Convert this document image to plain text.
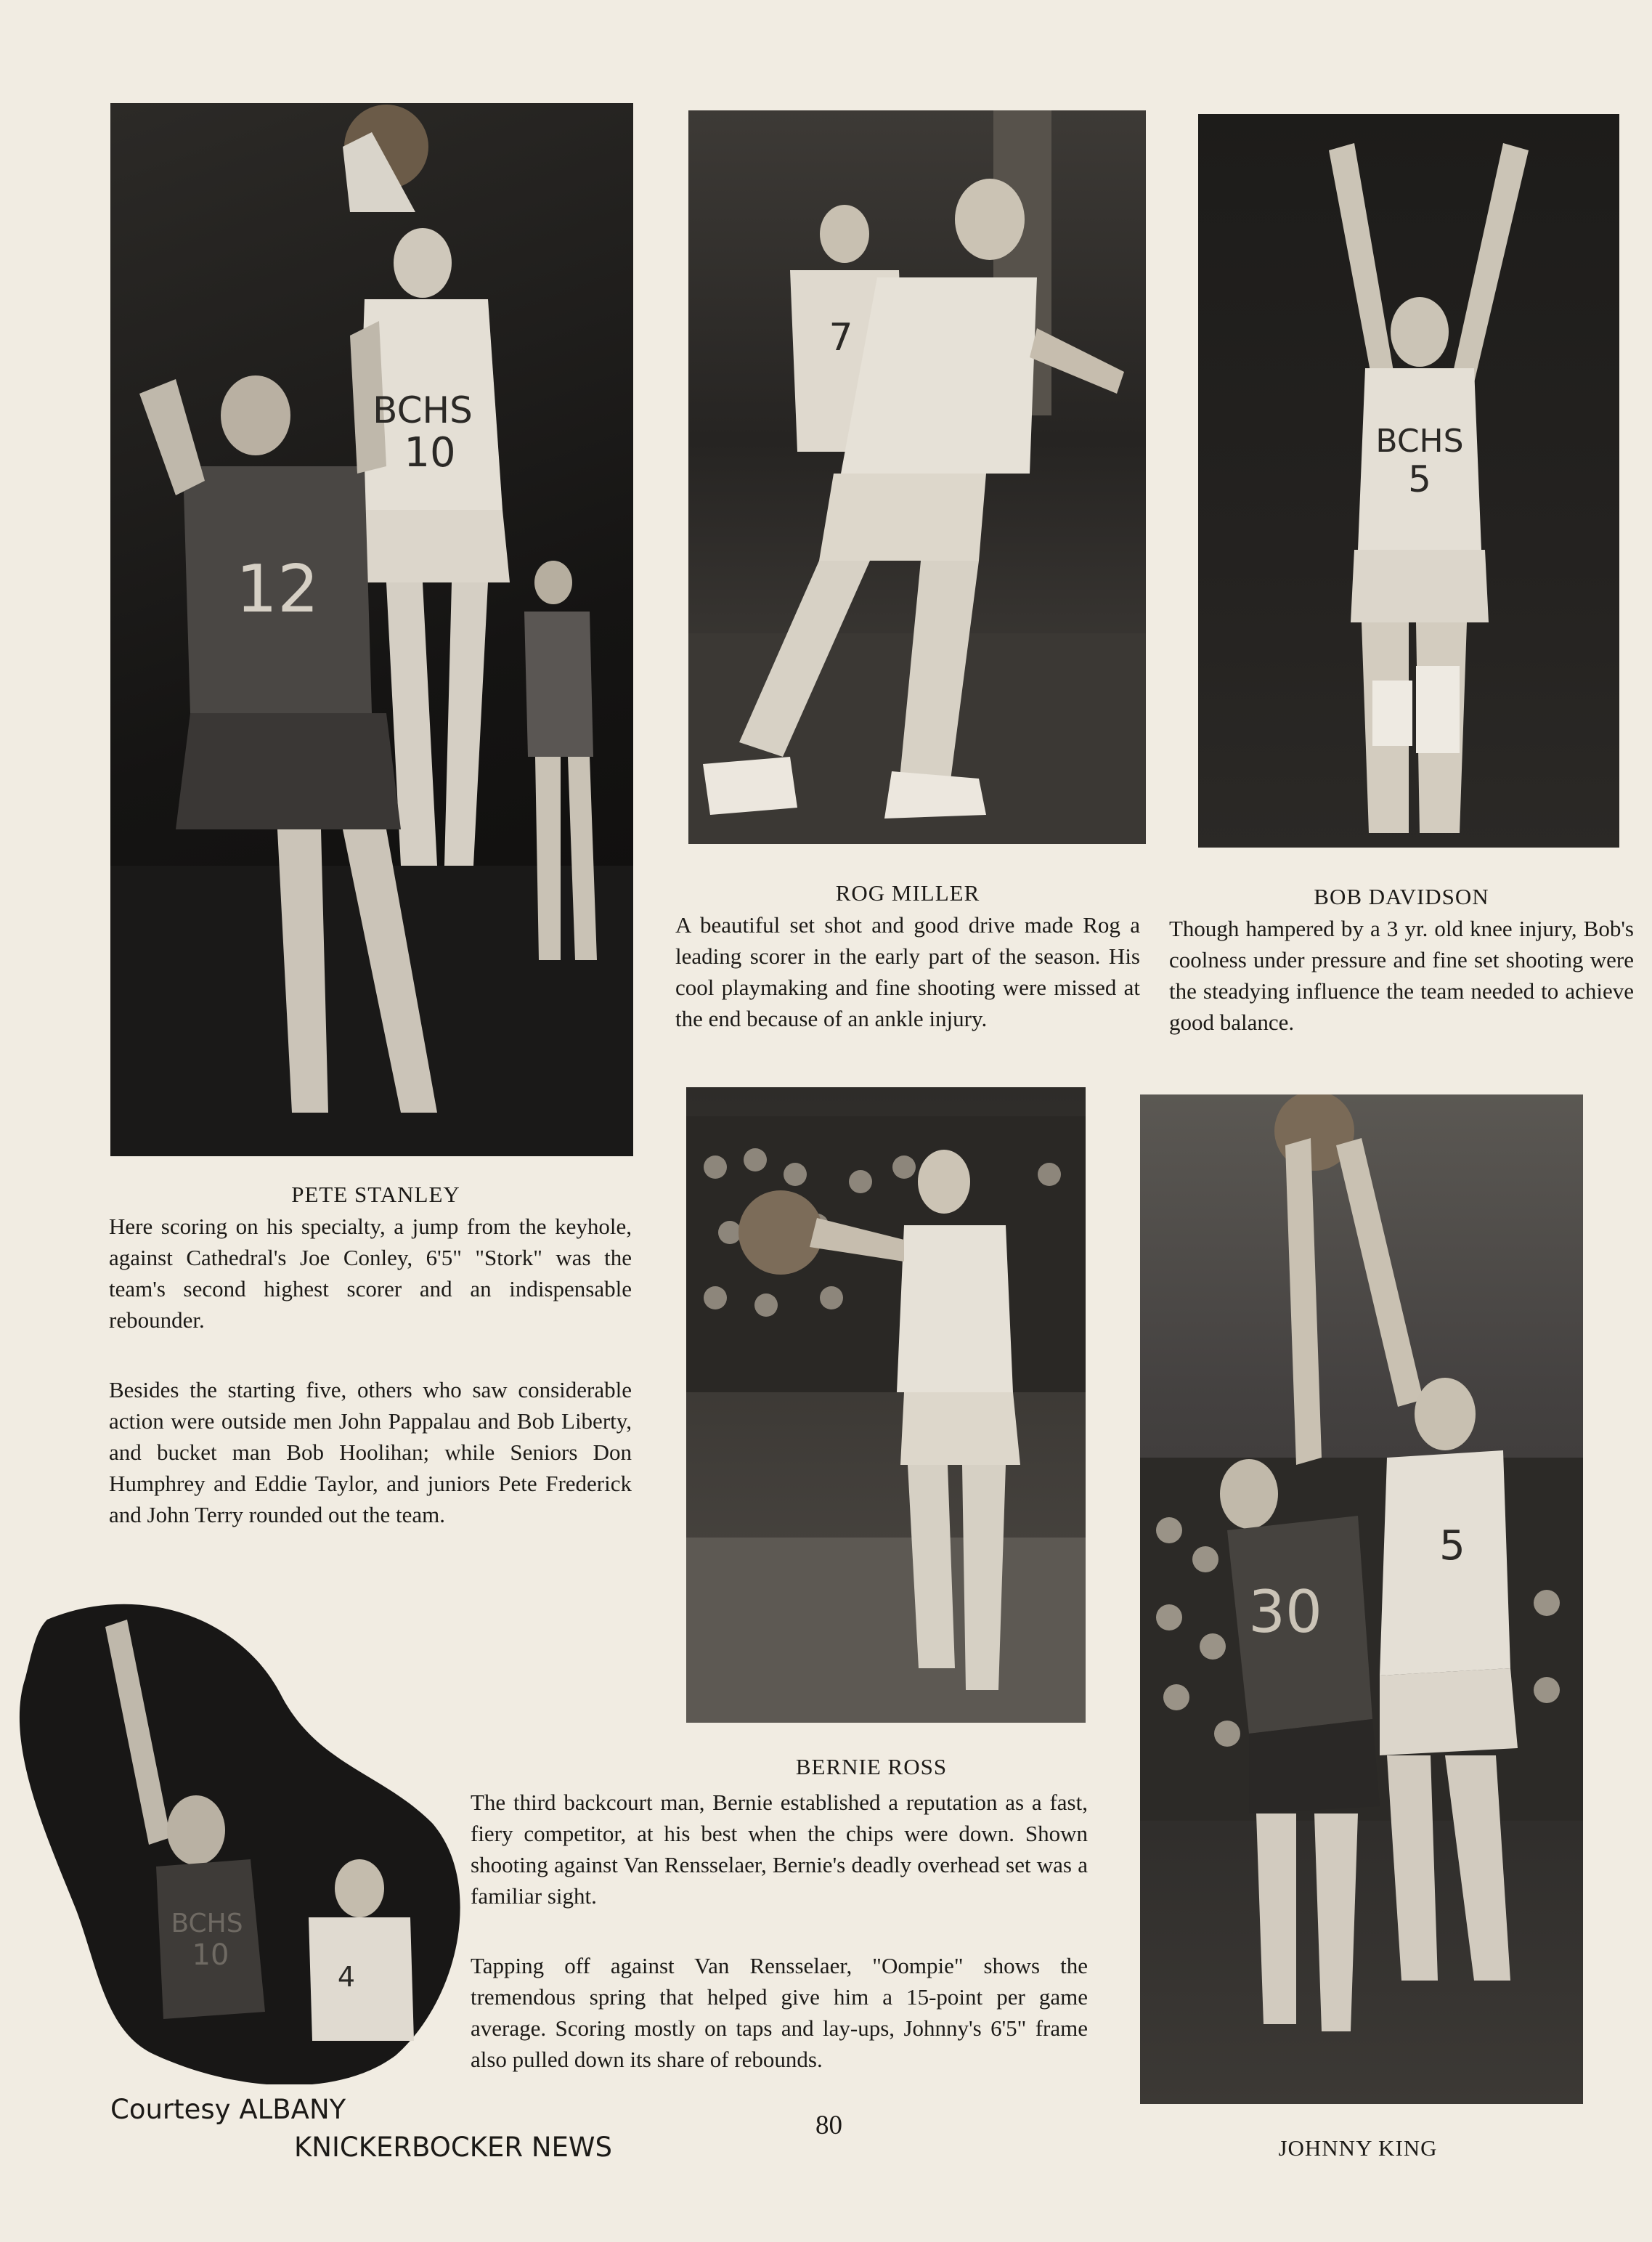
BCHS
10
12
7
BCHS
5
30
5
BCHS
10
4
ROG MILLER
A beautiful set shot and good drive made Rog a leading scorer in the early part of the season. His cool playmaking and fine shooting were missed at the end because of an ankle injury.
BOB DAVIDSON
Though hampered by a 3 yr. old knee injury, Bob's coolness under pressure and fine set shooting were the steadying influence the team needed to achieve good balance.
PETE STANLEY
Here scoring on his specialty, a jump from the keyhole, against Cathedral's Joe Conley, 6'5" "Stork" was the team's second highest scorer and an indispensable rebounder.
Besides the starting five, others who saw considerable action were outside men John Pappalau and Bob Liberty, and bucket man Bob Hoolihan; while Seniors Don Humphrey and Eddie Taylor, and juniors Pete Frederick and John Terry rounded out the team.
BERNIE ROSS
The third backcourt man, Bernie established a reputation as a fast, fiery competitor, at his best when the chips were down. Shown shooting against Van Rensselaer, Bernie's deadly overhead set was a familiar sight.
Tapping off against Van Rensselaer, "Oompie" shows the tremendous spring that helped give him a 15-point per game average. Scoring mostly on taps and lay-ups, Johnny's 6'5" frame also pulled down its share of rebounds.
JOHNNY KING
Courtesy ALBANY
KNICKERBOCKER NEWS
80
